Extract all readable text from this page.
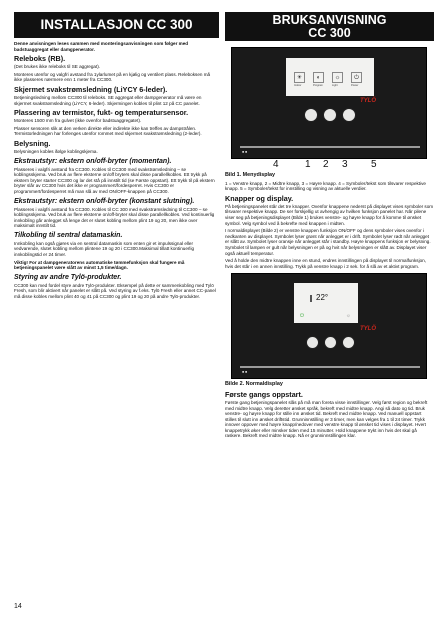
INSTALLASJON CC 300

Denne anvisningen leses sammen med monteringsanvisningen som følger med badstuaggregat eller damgpenerator.

Releboks (RB).

(Det brukes ikke releboks til SE aggregat).

Monteres utenfor og valgfri avstand fra 1ylarlumet på en kjølig og ventilert plass. Releboksen må ikke plasseres nærmere enn 1 meter fra CC300.

Skjermet svakstrømsledning (LiYCY 6-leder).

Betjeningsledning mellom CC300 til releboks. SE aggregat eller dampgenerator må være en skjermet svakstrømsledning (LiYCY, 6-leder). Skjermingen kobles til plint 12 på CC panelet.

Plassering av termistor, fukt- og temperatursensor.

Monteres 1500 mm fra gulvet (ikke ovenfor badstuaggregatet).

Plasser sensoren slik at den verken direkte eller indirekte ikke kan treffes av dampstrålen. Termistorledningen har forlenges utenfor rommet med skjermet svakstrømsledning (2-leder).

Belysning.

Belysningen kobles ifølge koblingskjema.

Ekstrautstyr: ekstern on/off-bryter (momentan).

Plasseres i valgfri avstand fra CC300. Kobles til CC300 med svakstrømsledning – se koblingsskjema. Ved bruk av flere eksterne on/off bryters skal disse parallellkobles. Ett trykk på ekstern bryter starter CC300 og lar det stå på innstilt tid (se Første oppstart). Ett trykk til på ekstern bryter slår av CC300 hvis det ikke er programmert/fordesperret. Hvis CC300 er programmert/fordesperret må man slå av med ON/OFF-knappen på CC300.

Ekstrautstyr: ekstern on/off-bryter (konstant slutning).

Plasseres i valgfri avstand fra CC300. Kobles til CC 300 med svakstrømsledning til CC300 – se koblingsskjema. Ved bruk av flere eksterne on/off-bryter skal disse parallellkobles. Ved kontinuerlig innkobling går anlegget så lenge det er slutet kobling mellom plint 19 og 20, men ikke over maksimalt innstilt tid.

Tilkobling til sentral datamaskin.

Innkobling kan også gjøres via en sentral datamaskin som enten gir et impulssignal eller vedvarende, slutet kobling mellom plintene 19 og 20 i CC300.Maksimal tillatt kontinuerlig innkoblingstid er 24 timer.

Viktig! For at dampgeneratorens automatiske tømmefunksjon skal fungere må betjeningspanelet være slått av minst 1,5 time/dagn.

Styring av andre Tylö-produkter.

CC300 kan med fordel styre andre Tylö-produkter. Eksempel på dette er sammenkobling med Tylö Fresh, som blir aktivert når panelet er slått på. Ved styring av f.eks. Tylö Fresh eller annet CC-panel må disse kobles mellom plint 40 og 41 på CC300 og plint 19 og 20 på andre Tylö-produkter.

BRUKSANVISNING
CC 300
☀
Indoor
◐
Program
☼
Light
⏻
Power
TYLÖ
■ ■
4	1 2 3 5

Bild 1. Menydisplay

1 = Venstre knapp, 2 = Midtre knapp, 3 = Høyre knapp. 4 = Symboler/tekst som tilsvarer respektive knapp. 5 = Symboler/tekst for innstilling og visning av aktuelle verdier.

Knapper og display.

På betjeningspanelet står det tre knapper. Ovenfor knappene nederst på displayet vises symboler som tilsvarer respektive knapp. De ser forskjellig ut avhengig av hvilken funksjon panelet har. Når pilene viser seg på betjeningsdisplayet (Bilde 1) brukes venstre- og høyre knapp for å komme til ønsket symbol. Velg symbol ved å bekrefte med knappen i midten.

I normaldisplayet (Bilde 2) er venstre knappen funksjon ON/OFF og dens symboler vises ovenfor i nedkanten av displayet. Symbolet lyser grønt når anlegget er i drift. Symbolet lyser rødt når anlegget er slått av. Symbolet lyser oransje når anlegget står i standby. Høyre knappens funksjon er belysning. Symbolet til lampen er gult når belysningen er på og hvit når belysningen er slått av. Displayet viser også aktuell temperatur.

Ved å holde den midtre knappen inne en stund, endres innstillingen på displayet til normalfunksjon, hvis det står i en annen innstilling. Trykk på venstre knapp i 2 sek. for å slå av et aktivt program.

22°
⏻	☼
TYLÖ
■ ■

Bilde 2. Normaldisplay

Første gangs oppstart.

Første gang betjeningspanelet slås på må man foreta visse innstillinger. Velg først region og bekreft med midtre knapp. Velg deretter ønsket språk, bekreft med midtre knapp. Angi så dato og tid. Bruk venstre- og høyre knapp for stille inn ønsket tid. Bekreft med midtre knapp. Ved manuell oppstart stilles til slutt inn ønsket driftstid. Grunninnstilling er 3 timer, men kan velges fra 1 til 24 timer. Trykk innover oppover med høyre knapp/nedover med venstre knapp til ønsket tid vises i displayet. Hvert knappetrykk øker eller minsker tiden med 15 minutter. Hold knappene trykt inn hvis det skal gå raskere. Bekreft med midtre knapp. Nå er grunninnstillingen klar.

14
